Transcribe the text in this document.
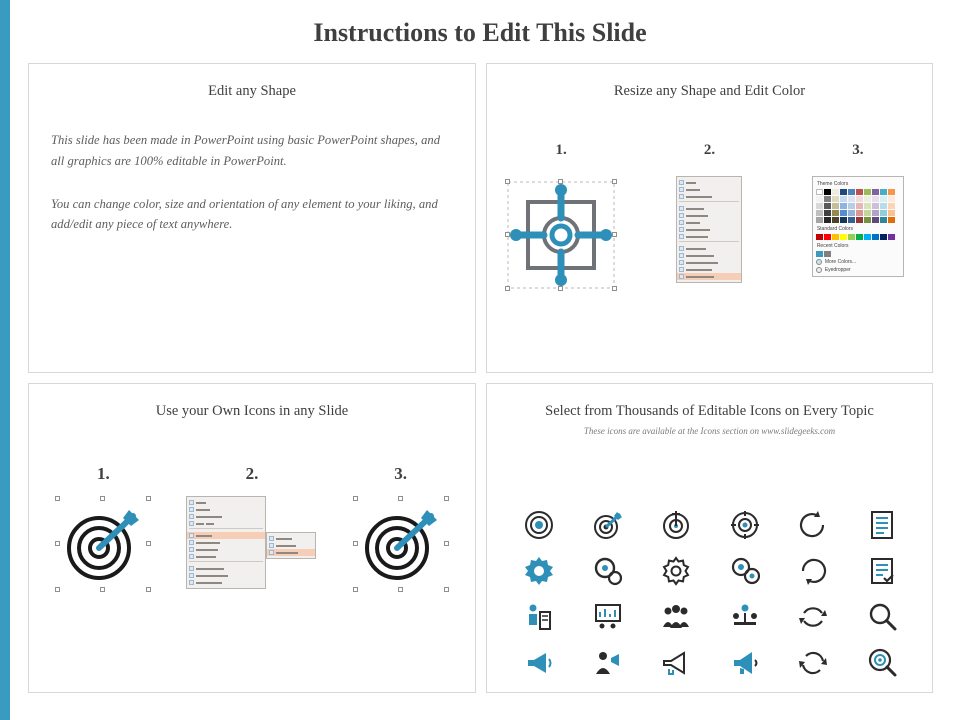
Instructions to Edit This Slide
Edit any Shape
This slide has been made in PowerPoint using basic PowerPoint shapes, and all graphics are 100% editable in PowerPoint.
You can change color, size and orientation of any element to your liking, and add/edit any piece of text anywhere.
Resize any Shape and Edit Color
1.	2.	3.
Theme Colors
Standard Colors
Recent Colors
More Colors...
Eyedropper
Use your Own Icons in any Slide
1.	2.	3.
Select from Thousands of Editable Icons on Every Topic
These icons are available at the Icons section on www.slidegeeks.com
